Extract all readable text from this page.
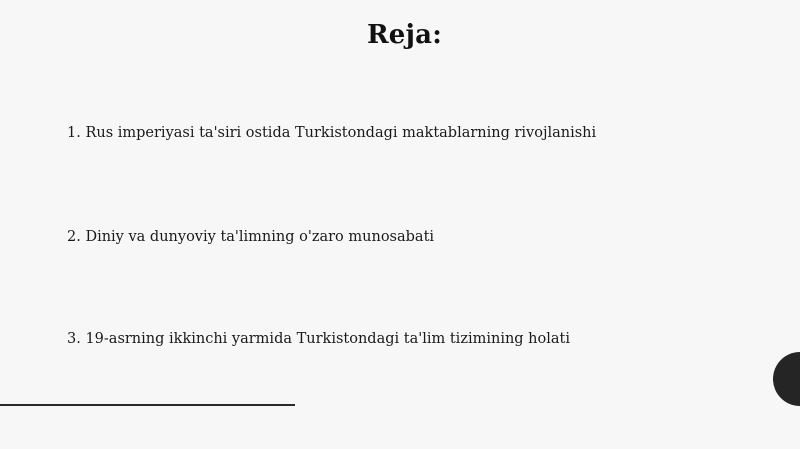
Reja:
1. Rus imperiyasi ta'siri ostida Turkistondagi maktablarning rivojlanishi
2. Diniy va dunyoviy ta'limning o'zaro munosabati
3. 19-asrning ikkinchi yarmida Turkistondagi ta'lim tizimining holati
